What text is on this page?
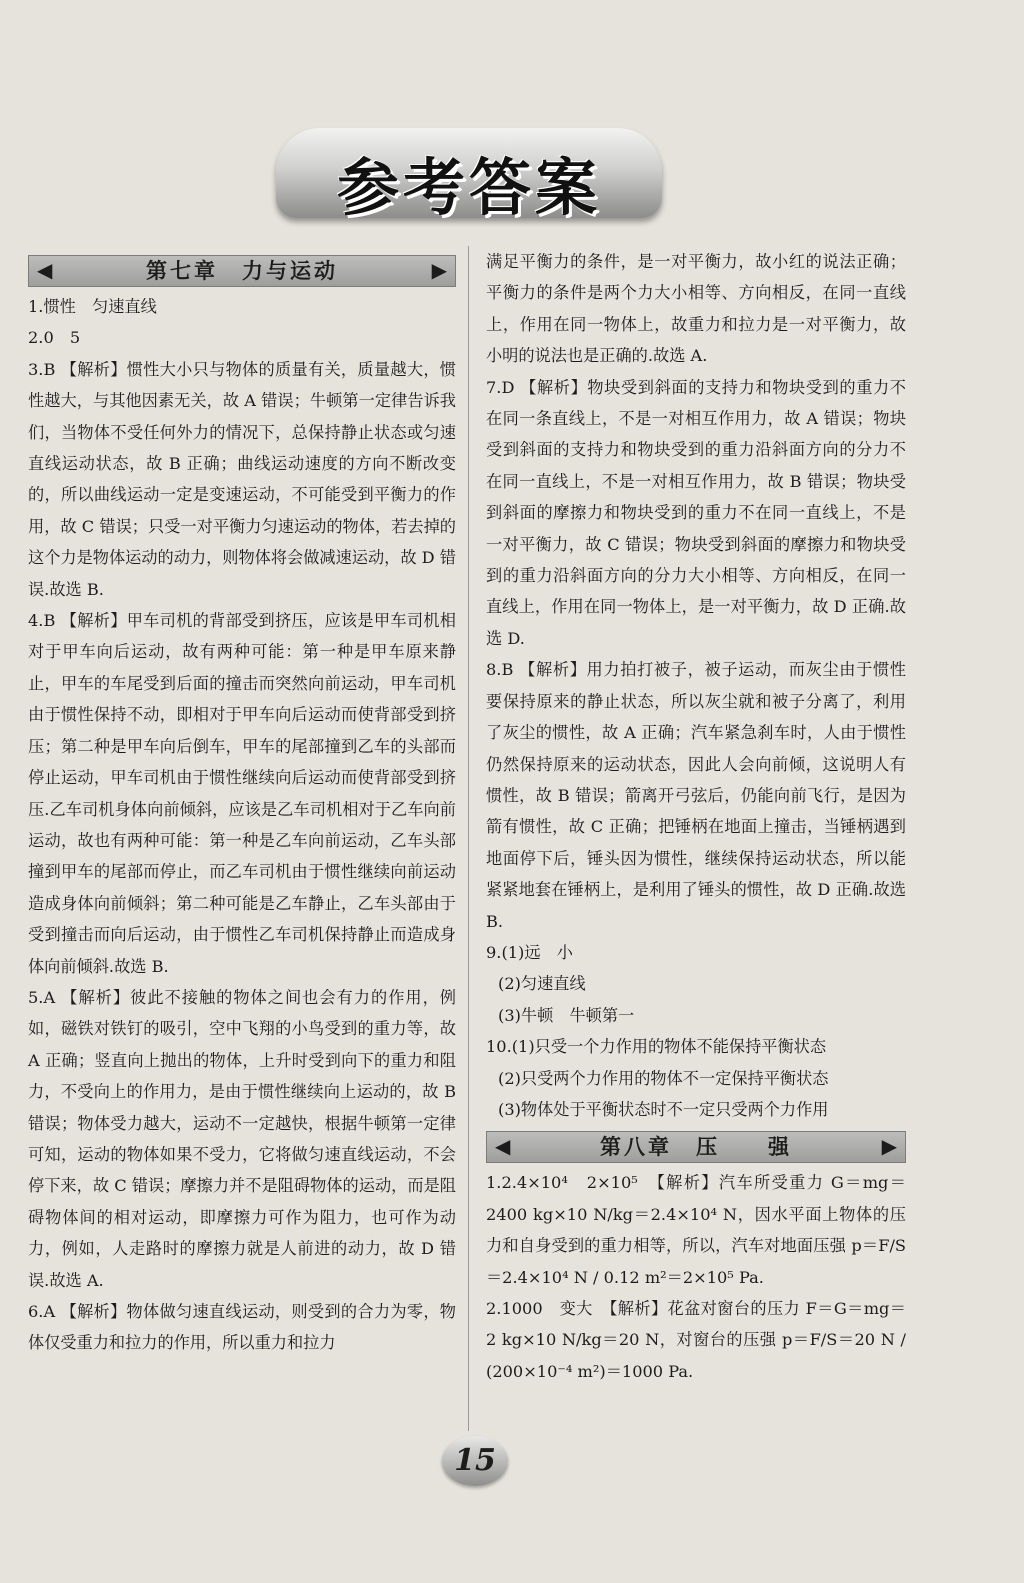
参考答案
◀	第七章　力与运动	▶

1.惯性　匀速直线

2.0　5

3.B 【解析】惯性大小只与物体的质量有关，质量越大，惯性越大，与其他因素无关，故 A 错误；牛顿第一定律告诉我们，当物体不受任何外力的情况下，总保持静止状态或匀速直线运动状态，故 B 正确；曲线运动速度的方向不断改变的，所以曲线运动一定是变速运动，不可能受到平衡力的作用，故 C 错误；只受一对平衡力匀速运动的物体，若去掉的这个力是物体运动的动力，则物体将会做减速运动，故 D 错误.故选 B.

4.B 【解析】甲车司机的背部受到挤压，应该是甲车司机相对于甲车向后运动，故有两种可能：第一种是甲车原来静止，甲车的车尾受到后面的撞击而突然向前运动，甲车司机由于惯性保持不动，即相对于甲车向后运动而使背部受到挤压；第二种是甲车向后倒车，甲车的尾部撞到乙车的头部而停止运动，甲车司机由于惯性继续向后运动而使背部受到挤压.乙车司机身体向前倾斜，应该是乙车司机相对于乙车向前运动，故也有两种可能：第一种是乙车向前运动，乙车头部撞到甲车的尾部而停止，而乙车司机由于惯性继续向前运动造成身体向前倾斜；第二种可能是乙车静止，乙车头部由于受到撞击而向后运动，由于惯性乙车司机保持静止而造成身体向前倾斜.故选 B.

5.A 【解析】彼此不接触的物体之间也会有力的作用，例如，磁铁对铁钉的吸引，空中飞翔的小鸟受到的重力等，故 A 正确；竖直向上抛出的物体，上升时受到向下的重力和阻力，不受向上的作用力，是由于惯性继续向上运动的，故 B 错误；物体受力越大，运动不一定越快，根据牛顿第一定律可知，运动的物体如果不受力，它将做匀速直线运动，不会停下来，故 C 错误；摩擦力并不是阻碍物体的运动，而是阻碍物体间的相对运动，即摩擦力可作为阻力，也可作为动力，例如，人走路时的摩擦力就是人前进的动力，故 D 错误.故选 A.

6.A 【解析】物体做匀速直线运动，则受到的合力为零，物体仅受重力和拉力的作用，所以重力和拉力

满足平衡力的条件，是一对平衡力，故小红的说法正确；平衡力的条件是两个力大小相等、方向相反，在同一直线上，作用在同一物体上，故重力和拉力是一对平衡力，故小明的说法也是正确的.故选 A.

7.D 【解析】物块受到斜面的支持力和物块受到的重力不在同一条直线上，不是一对相互作用力，故 A 错误；物块受到斜面的支持力和物块受到的重力沿斜面方向的分力不在同一直线上，不是一对相互作用力，故 B 错误；物块受到斜面的摩擦力和物块受到的重力不在同一直线上，不是一对平衡力，故 C 错误；物块受到斜面的摩擦力和物块受到的重力沿斜面方向的分力大小相等、方向相反，在同一直线上，作用在同一物体上，是一对平衡力，故 D 正确.故选 D.

8.B 【解析】用力拍打被子，被子运动，而灰尘由于惯性要保持原来的静止状态，所以灰尘就和被子分离了，利用了灰尘的惯性，故 A 正确；汽车紧急刹车时，人由于惯性仍然保持原来的运动状态，因此人会向前倾，这说明人有惯性，故 B 错误；箭离开弓弦后，仍能向前飞行，是因为箭有惯性，故 C 正确；把锤柄在地面上撞击，当锤柄遇到地面停下后，锤头因为惯性，继续保持运动状态，所以能紧紧地套在锤柄上，是利用了锤头的惯性，故 D 正确.故选 B.

9.(1)远　小

(2)匀速直线

(3)牛顿　牛顿第一

10.(1)只受一个力作用的物体不能保持平衡状态

(2)只受两个力作用的物体不一定保持平衡状态

(3)物体处于平衡状态时不一定只受两个力作用

◀	第八章　压　　强	▶

1.2.4×10⁴　2×10⁵　【解析】汽车所受重力 G＝mg＝2400 kg×10 N/kg＝2.4×10⁴ N，因水平面上物体的压力和自身受到的重力相等，所以，汽车对地面压强 p＝F/S＝2.4×10⁴ N / 0.12 m²＝2×10⁵ Pa.

2.1000　变大　【解析】花盆对窗台的压力 F＝G＝mg＝2 kg×10 N/kg＝20 N，对窗台的压强 p＝F/S＝20 N / (200×10⁻⁴ m²)＝1000 Pa.

15
